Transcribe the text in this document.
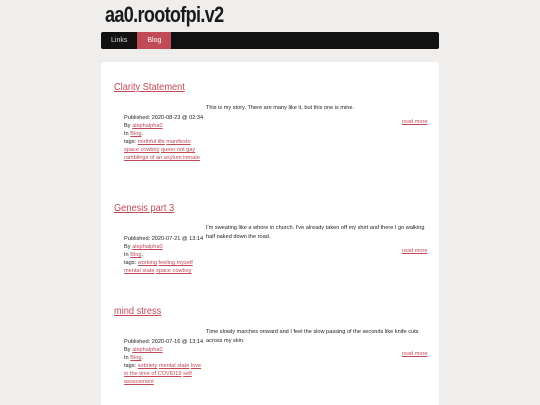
aa0.rootofpi.v2
Links	Blog
Clarity Statement
This is my story. There are many like it, but this one is mine.
Published: 2020-08-23 @ 02:34
By alephalpha0
In Blog.
tags: mirthful life manifesto space cowboy queer not gay ramblings of an asylum inmate
read more
Genesis part 3
I'm sweating like a whore in church. I've already taken off my shirt and there I go walking half naked down the road.
Published: 2020-07-21 @ 13:14
By alephalpha0
In Blog.
tags: working feeling myself mental state space cowboy
read more
mind stress
Time slowly marches onward and I feel the slow passing of the seconds like knife cuts across my skin.
Published: 2020-07-16 @ 13:14
By alephalpha0
In Blog.
tags: sobriety mental state love in the time of COVID19 self assessment
read more
